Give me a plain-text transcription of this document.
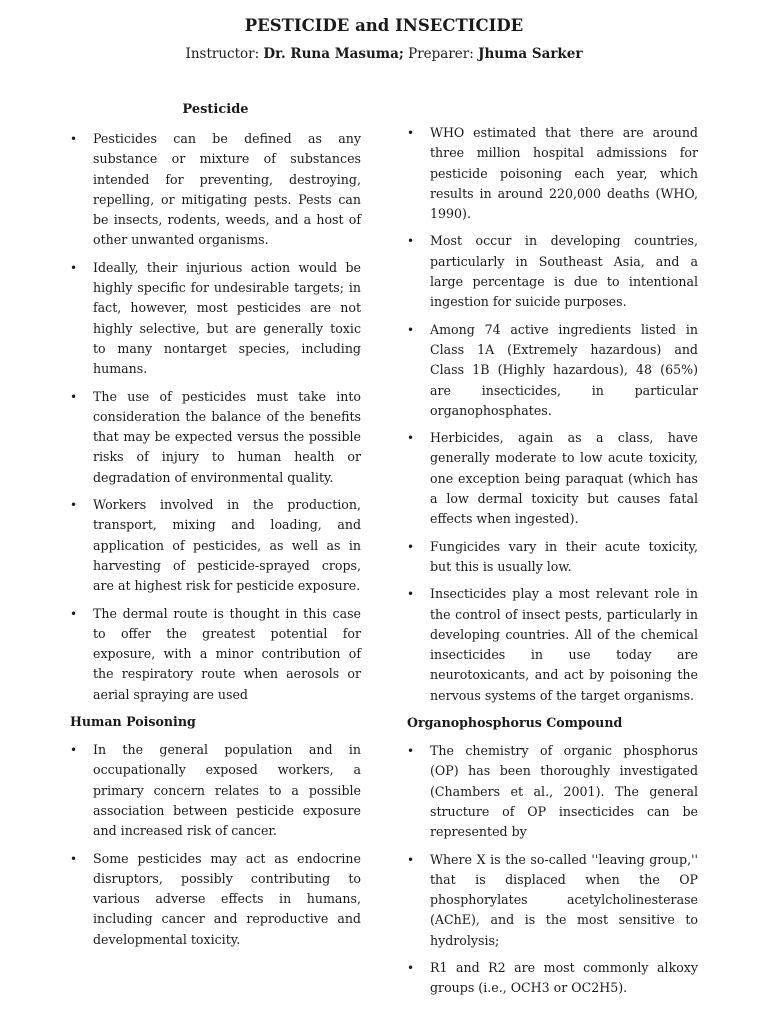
PESTICIDE and INSECTICIDE
Instructor: Dr. Runa Masuma; Preparer: Jhuma Sarker
Pesticide
• Pesticides can be defined as any substance or mixture of substances intended for preventing, destroying, repelling, or mitigating pests. Pests can be insects, rodents, weeds, and a host of other unwanted organisms.
• Ideally, their injurious action would be highly specific for undesirable targets; in fact, however, most pesticides are not highly selective, but are generally toxic to many nontarget species, including humans.
• The use of pesticides must take into consideration the balance of the benefits that may be expected versus the possible risks of injury to human health or degradation of environmental quality.
• Workers involved in the production, transport, mixing and loading, and application of pesticides, as well as in harvesting of pesticide-sprayed crops, are at highest risk for pesticide exposure.
• The dermal route is thought in this case to offer the greatest potential for exposure, with a minor contribution of the respiratory route when aerosols or aerial spraying are used
Human Poisoning
• In the general population and in occupationally exposed workers, a primary concern relates to a possible association between pesticide exposure and increased risk of cancer.
• Some pesticides may act as endocrine disruptors, possibly contributing to various adverse effects in humans, including cancer and reproductive and developmental toxicity.
• WHO estimated that there are around three million hospital admissions for pesticide poisoning each year, which results in around 220,000 deaths (WHO, 1990).
• Most occur in developing countries, particularly in Southeast Asia, and a large percentage is due to intentional ingestion for suicide purposes.
• Among 74 active ingredients listed in Class 1A (Extremely hazardous) and Class 1B (Highly hazardous), 48 (65%) are insecticides, in particular organophosphates.
• Herbicides, again as a class, have generally moderate to low acute toxicity, one exception being paraquat (which has a low dermal toxicity but causes fatal effects when ingested).
• Fungicides vary in their acute toxicity, but this is usually low.
• Insecticides play a most relevant role in the control of insect pests, particularly in developing countries. All of the chemical insecticides in use today are neurotoxicants, and act by poisoning the nervous systems of the target organisms.
Organophosphorus Compound
• The chemistry of organic phosphorus (OP) has been thoroughly investigated (Chambers et al., 2001). The general structure of OP insecticides can be represented by
• Where X is the so-called ''leaving group,'' that is displaced when the OP phosphorylates acetylcholinesterase (AChE), and is the most sensitive to hydrolysis;
• R1 and R2 are most commonly alkoxy groups (i.e., OCH3 or OC2H5).
